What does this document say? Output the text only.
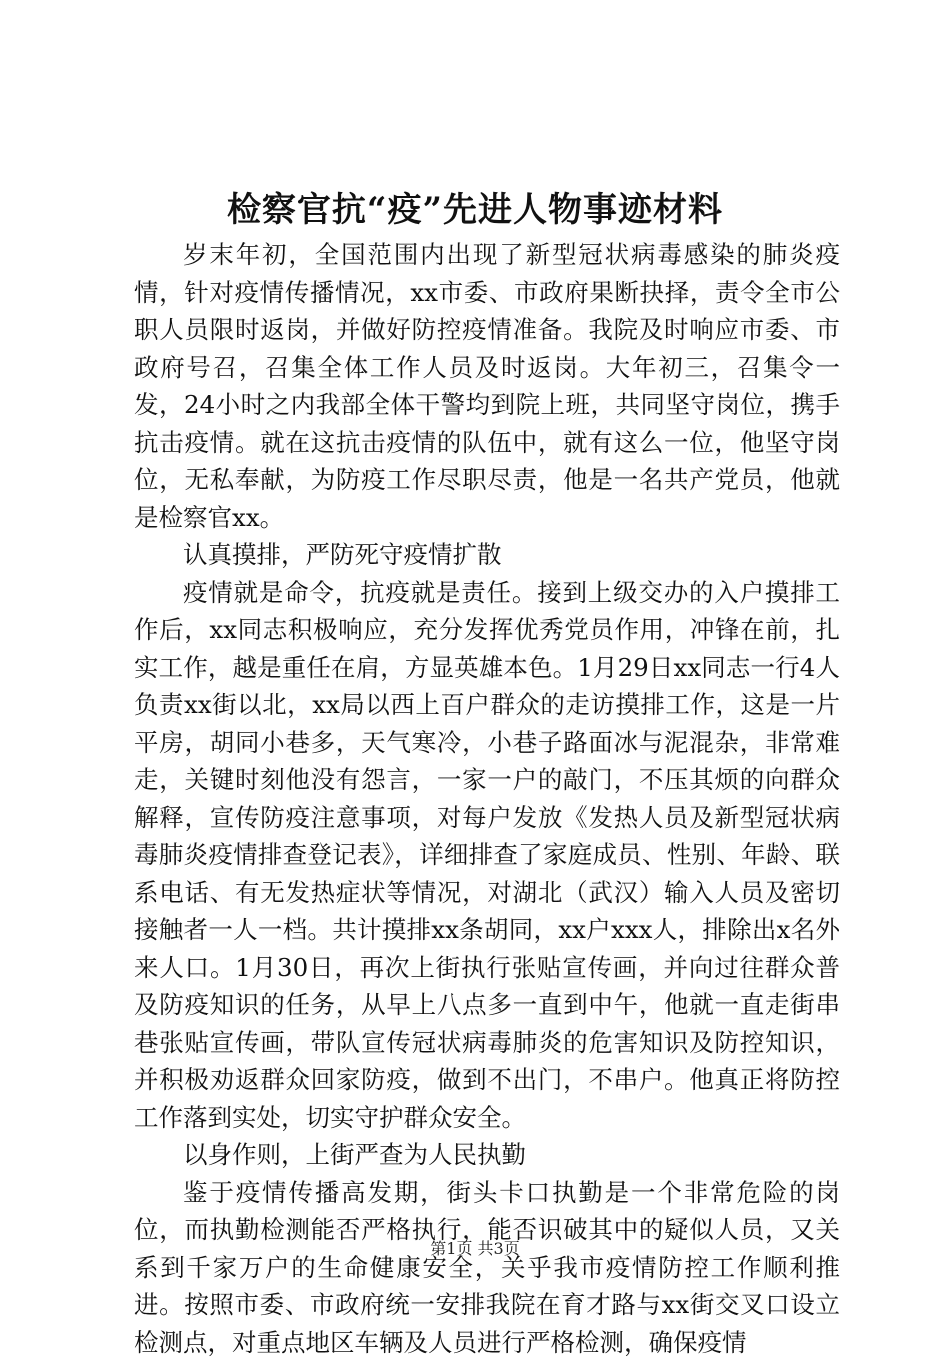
检察官抗“疫”先进人物事迹材料

岁末年初，全国范围内出现了新型冠状病毒感染的肺炎疫情，针对疫情传播情况，xx市委、市政府果断抉择，责令全市公职人员限时返岗，并做好防控疫情准备。我院及时响应市委、市政府号召，召集全体工作人员及时返岗。大年初三，召集令一发，24小时之内我部全体干警均到院上班，共同坚守岗位，携手抗击疫情。就在这抗击疫情的队伍中，就有这么一位，他坚守岗位，无私奉献，为防疫工作尽职尽责，他是一名共产党员，他就是检察官xx。

认真摸排，严防死守疫情扩散

疫情就是命令，抗疫就是责任。接到上级交办的入户摸排工作后，xx同志积极响应，充分发挥优秀党员作用，冲锋在前，扎实工作，越是重任在肩，方显英雄本色。1月29日xx同志一行4人负责xx街以北，xx局以西上百户群众的走访摸排工作，这是一片平房，胡同小巷多，天气寒冷，小巷子路面冰与泥混杂，非常难走，关键时刻他没有怨言，一家一户的敲门，不压其烦的向群众解释，宣传防疫注意事项，对每户发放《发热人员及新型冠状病毒肺炎疫情排查登记表》，详细排查了家庭成员、性别、年龄、联系电话、有无发热症状等情况，对湖北（武汉）输入人员及密切接触者一人一档。共计摸排xx条胡同，xx户xxx人，排除出x名外来人口。1月30日，再次上街执行张贴宣传画，并向过往群众普及防疫知识的任务，从早上八点多一直到中午，他就一直走街串巷张贴宣传画，带队宣传冠状病毒肺炎的危害知识及防控知识，并积极劝返群众回家防疫，做到不出门，不串户。他真正将防控工作落到实处，切实守护群众安全。

以身作则，上街严查为人民执勤

鉴于疫情传播高发期，街头卡口执勤是一个非常危险的岗位，而执勤检测能否严格执行，能否识破其中的疑似人员，又关系到千家万户的生命健康安全，关乎我市疫情防控工作顺利推进。按照市委、市政府统一安排我院在育才路与xx街交叉口设立检测点，对重点地区车辆及人员进行严格检测，确保疫情

第1页 共3页
